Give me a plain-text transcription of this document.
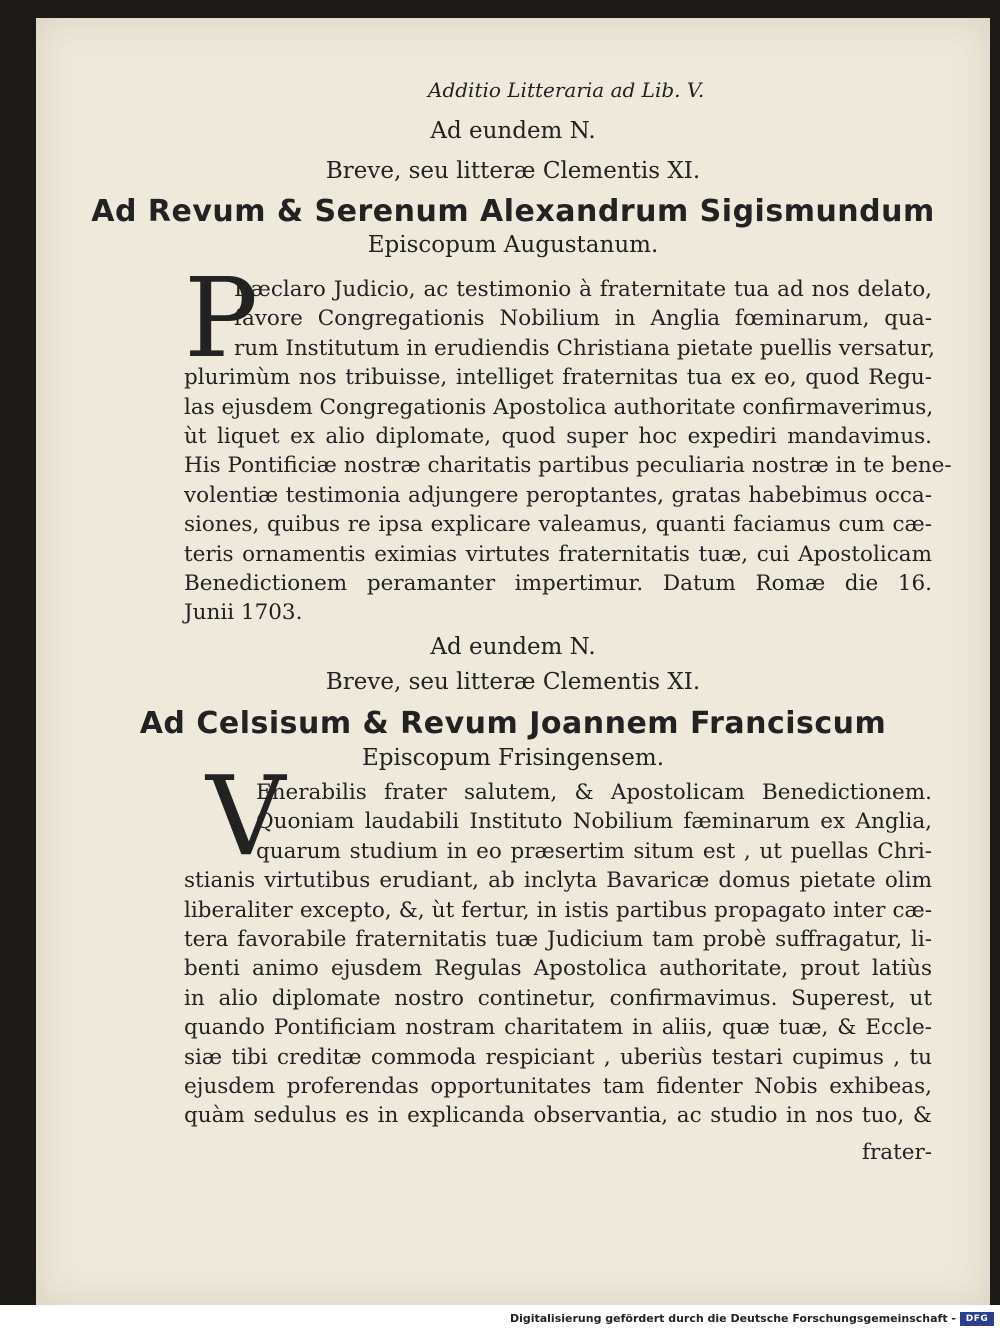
Additio Litteraria ad Lib. V.
Ad eundem N.
Breve, seu litteræ Clementis XI.
Ad Revum & Serenum Alexandrum Sigismundum
Episcopum Augustanum.
P
Ræclaro Judicio, ac testimonio à fraternitate tua ad nos delato,
favore Congregationis Nobilium in Anglia fœminarum, qua-
rum Institutum in erudiendis Christiana pietate puellis versatur,
plurimùm nos tribuisse, intelliget fraternitas tua ex eo, quod Regu-
las ejusdem Congregationis Apostolica authoritate confirmaverimus,
ùt liquet ex alio diplomate, quod super hoc expediri mandavimus.
His Pontificiæ nostræ charitatis partibus peculiaria nostræ in te bene-
volentiæ testimonia adjungere peroptantes, gratas habebimus occa-
siones, quibus re ipsa explicare valeamus, quanti faciamus cum cæ-
teris ornamentis eximias virtutes fraternitatis tuæ, cui Apostolicam
Benedictionem peramanter impertimur. Datum Romæ die 16.
Junii 1703.
Ad eundem N.
Breve, seu litteræ Clementis XI.
Ad Celsisum & Revum Joannem Franciscum
Episcopum Frisingensem.
V
Enerabilis frater salutem, & Apostolicam Benedictionem.
Quoniam laudabili Instituto Nobilium fæminarum ex Anglia,
quarum studium in eo præsertim situm est , ut puellas Chri-
stianis virtutibus erudiant, ab inclyta Bavaricæ domus pietate olim
liberaliter excepto, &, ùt fertur, in istis partibus propagato inter cæ-
tera favorabile fraternitatis tuæ Judicium tam probè suffragatur, li-
benti animo ejusdem Regulas Apostolica authoritate, prout latiùs
in alio diplomate nostro continetur, confirmavimus. Superest, ut
quando Pontificiam nostram charitatem in aliis, quæ tuæ, & Eccle-
siæ tibi creditæ commoda respiciant , uberiùs testari cupimus , tu
ejusdem proferendas opportunitates tam fidenter Nobis exhibeas,
quàm sedulus es in explicanda observantia, ac studio in nos tuo, &
frater-
Digitalisierung gefördert durch die Deutsche Forschungsgemeinschaft -	DFG
